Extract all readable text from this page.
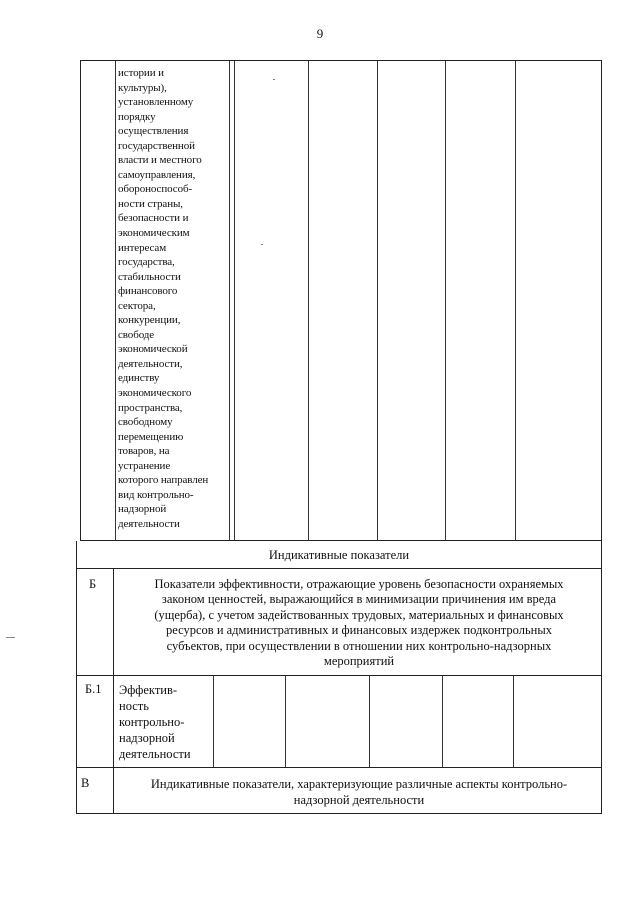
9
истории и
культуры),
установленному
порядку
осуществления
государственной
власти и местного
самоуправления,
обороноспособ-
ности страны,
безопасности и
экономическим
интересам
государства,
стабильности
финансового
сектора,
конкуренции,
свободе
экономической
деятельности,
единству
экономического
пространства,
свободному
перемещению
товаров, на
устранение
которого направлен
вид контрольно-
надзорной
деятельности
Индикативные показатели
Б	Показатели эффективности, отражающие уровень безопасности охраняемых
законом ценностей, выражающийся в минимизации причинения им вреда
(ущерба), с учетом задействованных трудовых, материальных и финансовых
ресурсов и административных и финансовых издержек подконтрольных
субъектов, при осуществлении в отношении них контрольно-надзорных
мероприятий
Б.1 Эффектив-
ность
контрольно-
надзорной
деятельности
В	Индикативные показатели, характеризующие различные аспекты контрольно-
надзорной деятельности
